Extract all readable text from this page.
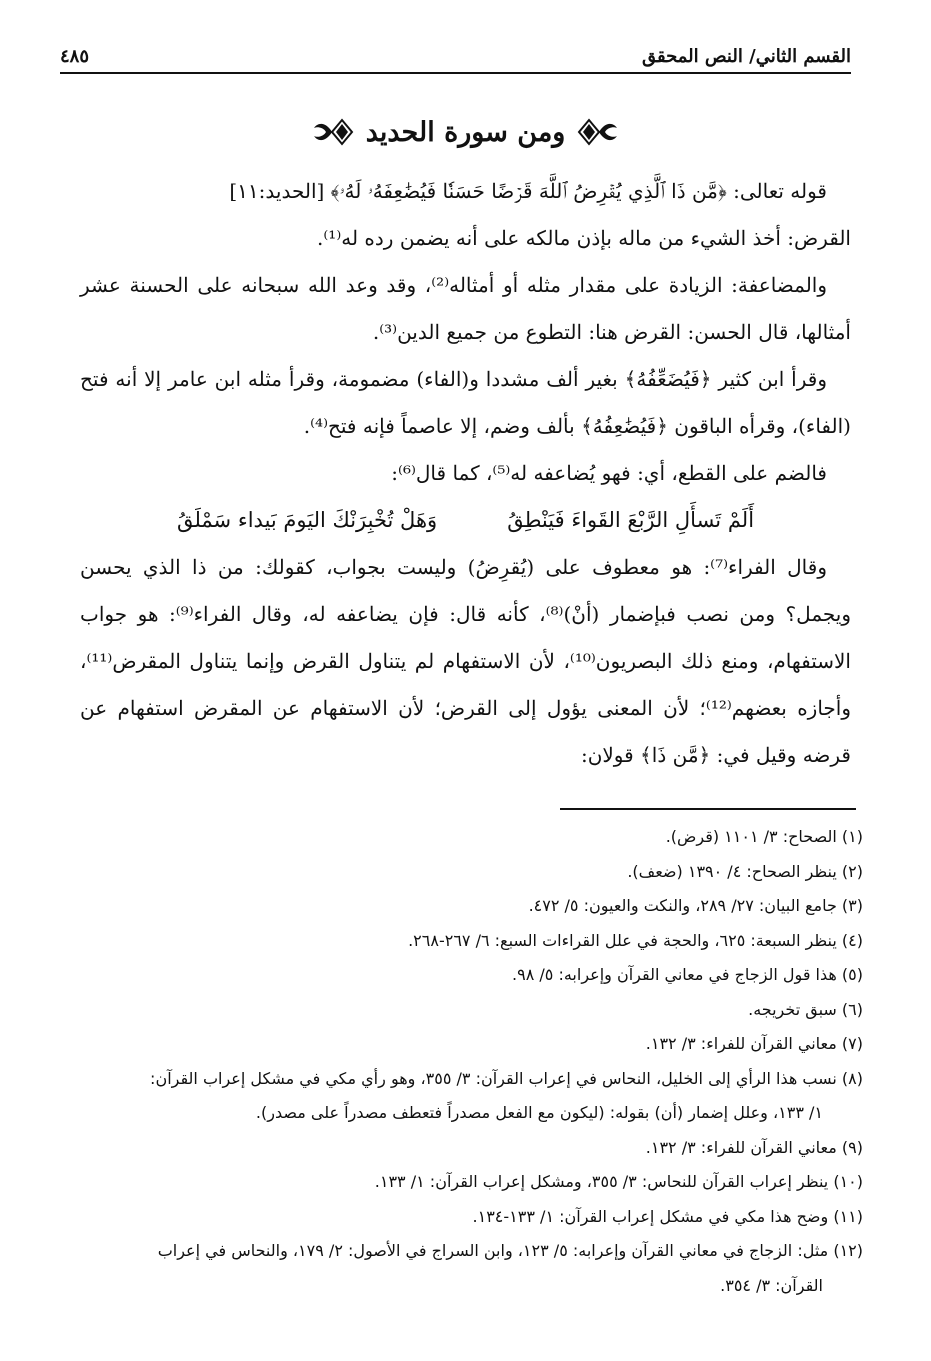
٤٨٥	القسم الثاني/ النص المحقق
ومن سورة الحديد

قوله تعالى: ﴿مَّن ذَا ٱلَّذِي يُقۡرِضُ ٱللَّهَ قَرۡضًا حَسَنٗا فَيُضَٰعِفَهُۥ لَهُۥ﴾ [الحديد:١١]

القرض: أخذ الشيء من ماله بإذن مالكه على أنه يضمن رده له⁽¹⁾.

والمضاعفة: الزيادة على مقدار مثله أو أمثاله⁽²⁾، وقد وعد الله سبحانه على الحسنة عشر أمثالها، قال الحسن: القرض هنا: التطوع من جميع الدين⁽³⁾.

وقرأ ابن كثير ﴿فَيُضَعِّفُهُ﴾ بغير ألف مشددا و(الفاء) مضمومة، وقرأ مثله ابن عامر إلا أنه فتح (الفاء)، وقرأه الباقون ﴿فَيُضَٰعِفُهُ﴾ بألف وضم، إلا عاصماً فإنه فتح⁽⁴⁾.

فالضم على القطع، أي: فهو يُضاعفه له⁽⁵⁾، كما قال⁽⁶⁾:

أَلَمْ تَسأَلِ الرَّبْعَ القَواءَ فَيَنْطِقُ
وَهَلْ تُخْبِرَنْكَ اليَومَ بَيداء سَمْلَقُ

وقال الفراء⁽⁷⁾: هو معطوف على (يُقرِضُ) وليست بجواب، كقولك: من ذا الذي يحسن ويجمل؟ ومن نصب فبإضمار (أنْ)⁽⁸⁾، كأنه قال: فإن يضاعفه له، وقال الفراء⁽⁹⁾: هو جواب الاستفهام، ومنع ذلك البصريون⁽¹⁰⁾، لأن الاستفهام لم يتناول القرض وإنما يتناول المقرض⁽¹¹⁾، وأجازه بعضهم⁽¹²⁾؛ لأن المعنى يؤول إلى القرض؛ لأن الاستفهام عن المقرض استفهام عن قرضه وقيل في: ﴿مَّن ذَا﴾ قولان:

(١) الصحاح: ٣/ ١١٠١ (قرض).

(٢) ينظر الصحاح: ٤/ ١٣٩٠ (ضعف).

(٣) جامع البيان: ٢٧/ ٢٨٩، والنكت والعيون: ٥/ ٤٧٢.

(٤) ينظر السبعة: ٦٢٥، والحجة في علل القراءات السبع: ٦/ ٢٦٧-٢٦٨.

(٥) هذا قول الزجاج في معاني القرآن وإعرابه: ٥/ ٩٨.

(٦) سبق تخريجه.

(٧) معاني القرآن للفراء: ٣/ ١٣٢.

(٨) نسب هذا الرأي إلى الخليل، النحاس في إعراب القرآن: ٣/ ٣٥٥، وهو رأي مكي في مشكل إعراب القرآن:

١/ ١٣٣، وعلل إضمار (أن) بقوله: (ليكون مع الفعل مصدراً فتعطف مصدراً على مصدر).

(٩) معاني القرآن للفراء: ٣/ ١٣٢.

(١٠) ينظر إعراب القرآن للنحاس: ٣/ ٣٥٥، ومشكل إعراب القرآن: ١/ ١٣٣.

(١١) وضح هذا مكي في مشكل إعراب القرآن: ١/ ١٣٣-١٣٤.

(١٢) مثل: الزجاج في معاني القرآن وإعرابه: ٥/ ١٢٣، وابن السراج في الأصول: ٢/ ١٧٩، والنحاس في إعراب

القرآن: ٣/ ٣٥٤.
